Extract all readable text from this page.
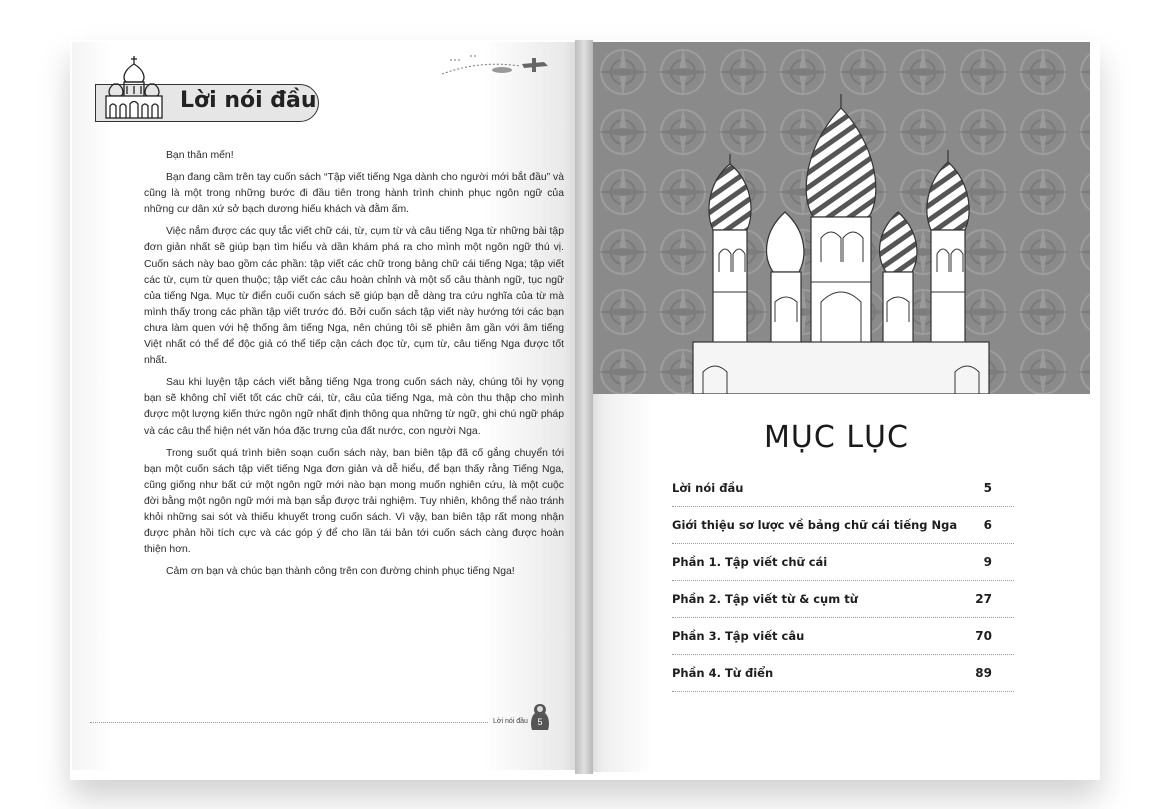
Lời nói đầu

Bạn thân mến!

Bạn đang cầm trên tay cuốn sách “Tập viết tiếng Nga dành cho người mới bắt đầu” và cũng là một trong những bước đi đầu tiên trong hành trình chinh phục ngôn ngữ của những cư dân xứ sở bạch dương hiếu khách và đằm ấm.

Việc nắm được các quy tắc viết chữ cái, từ, cụm từ và câu tiếng Nga từ những bài tập đơn giản nhất sẽ giúp bạn tìm hiểu và dần khám phá ra cho mình một ngôn ngữ thú vị. Cuốn sách này bao gồm các phần: tập viết các chữ trong bảng chữ cái tiếng Nga; tập viết các từ, cụm từ quen thuộc; tập viết các câu hoàn chỉnh và một số câu thành ngữ, tục ngữ của tiếng Nga. Mục từ điển cuối cuốn sách sẽ giúp bạn dễ dàng tra cứu nghĩa của từ mà mình thấy trong các phần tập viết trước đó. Bởi cuốn sách tập viết này hướng tới các bạn chưa làm quen với hệ thống âm tiếng Nga, nên chúng tôi sẽ phiên âm gần với âm tiếng Việt nhất có thể để độc giả có thể tiếp cận cách đọc từ, cụm từ, câu tiếng Nga được tốt nhất.

Sau khi luyện tập cách viết bằng tiếng Nga trong cuốn sách này, chúng tôi hy vọng bạn sẽ không chỉ viết tốt các chữ cái, từ, câu của tiếng Nga, mà còn thu thập cho mình được một lượng kiến thức ngôn ngữ nhất định thông qua những từ ngữ, ghi chú ngữ pháp và các câu thể hiện nét văn hóa đặc trưng của đất nước, con người Nga.

Trong suốt quá trình biên soạn cuốn sách này, ban biên tập đã cố gắng chuyển tới bạn một cuốn sách tập viết tiếng Nga đơn giản và dễ hiểu, để bạn thấy rằng Tiếng Nga, cũng giống như bất cứ một ngôn ngữ mới nào bạn mong muốn nghiên cứu, là một cuộc đời bằng một ngôn ngữ mới mà bạn sắp được trải nghiệm. Tuy nhiên, không thể nào tránh khỏi những sai sót và thiếu khuyết trong cuốn sách. Vì vậy, ban biên tập rất mong nhận được phản hồi tích cực và các góp ý để cho lần tái bản tới cuốn sách càng được hoàn thiện hơn.

Cảm ơn bạn và chúc bạn thành công trên con đường chinh phục tiếng Nga!

Lời nói đầu 5
MỤC LỤC
Lời nói đầu	5
Giới thiệu sơ lược về bảng chữ cái tiếng Nga 6
Phần 1. Tập viết chữ cái	9
Phần 2. Tập viết từ & cụm từ	27
Phần 3. Tập viết câu	70
Phần 4. Từ điển	89
